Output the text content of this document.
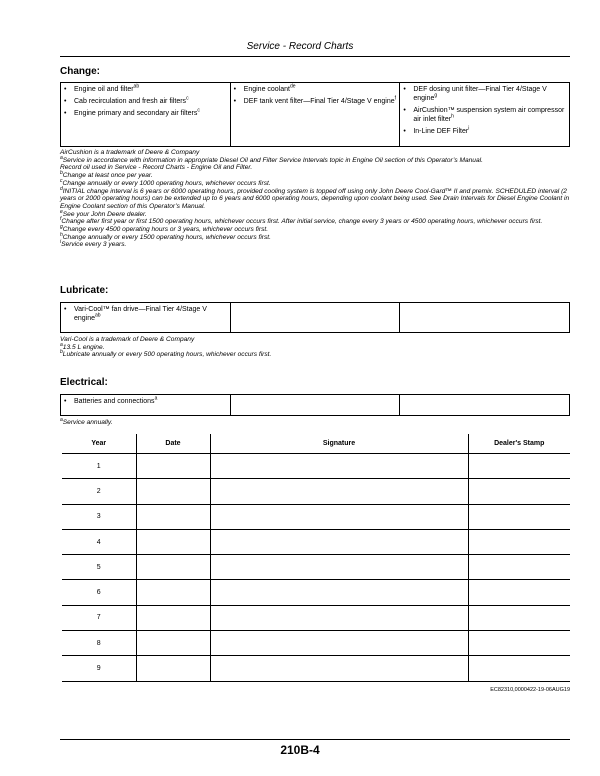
Service - Record Charts
Change:
•	Engine oil and filter$^{ab}$
•	Cab recirculation and fresh air filters$^c$
•	Engine primary and secondary air filters$^c$
•	Engine coolant$^{de}$
•	DEF tank vent filter—Final Tier 4/Stage V engine$^f$
•	DEF dosing unit filter—Final Tier 4/Stage V engine$^g$
•	AirCushion™ suspension system air compressor air inlet filter$^h$
•	In-Line DEF Filter$^i$
AirCushion is a trademark of Deere & Company
$^a$Service in accordance with information in appropriate Diesel Oil and Filter Service Intervals topic in Engine Oil section of this Operator’s Manual.
Record oil used in Service - Record Charts - Engine Oil and Filter.
$^b$Change at least once per year.
$^c$Change annually or every 1000 operating hours, whichever occurs first.
$^d$INITIAL change interval is 6 years or 6000 operating hours, provided cooling system is topped off using only John Deere Cool-Gard™ II and premix. SCHEDULED interval (2 years or 2000 operating hours) can be extended up to 6 years and 6000 operating hours, depending upon coolant being used. See Drain Intervals for Diesel Engine Coolant in Engine Coolant section of this Operator’s Manual.
$^e$See your John Deere dealer.
$^f$Change after first year or first 1500 operating hours, whichever occurs first. After initial service, change every 3 years or 4500 operating hours, whichever occurs first.
$^g$Change every 4500 operating hours or 3 years, whichever occurs first.
$^h$Change annually or every 1500 operating hours, whichever occurs first.
$^i$Service every 3 years.
Lubricate:
•	Vari-Cool™ fan drive—Final Tier 4/Stage V engine$^{ab}$
Vari-Cool is a trademark of Deere & Company
$^a$13.5 L engine.
$^b$Lubricate annually or every 500 operating hours, whichever occurs first.
Electrical:
•	Batteries and connections$^a$
$^a$Service annually.
Year	Date	Signature	Dealer's Stamp
1			
2			
3			
4			
5			
6			
7			
8			
9			
EC82310,0000422-19-06AUG19
210B-4
